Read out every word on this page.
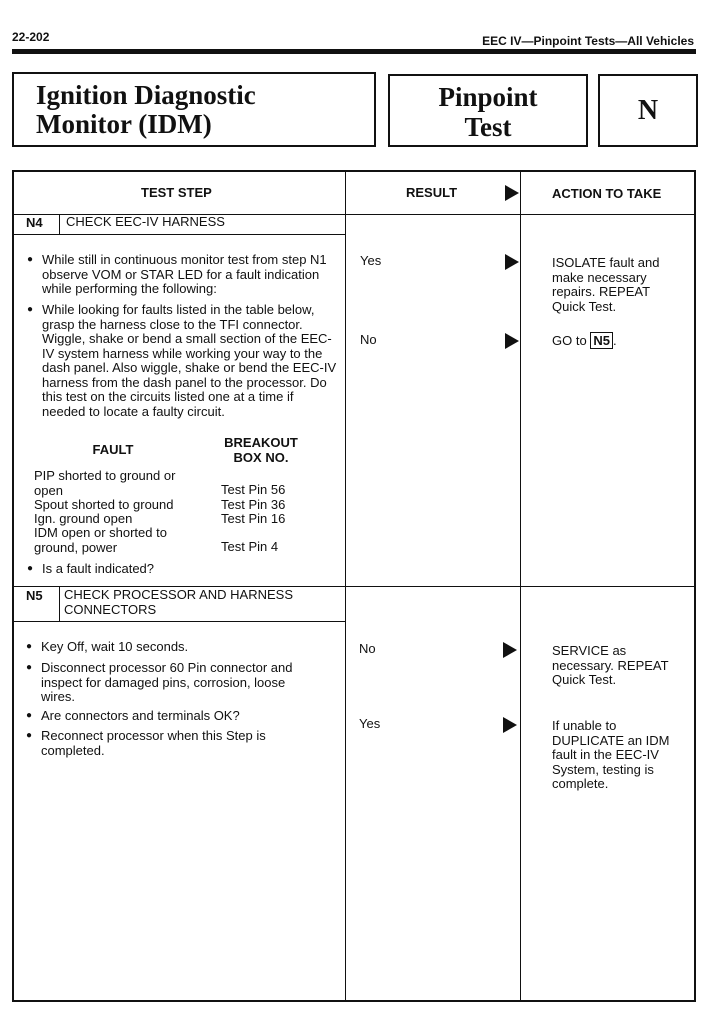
22-202	EEC IV—Pinpoint Tests—All Vehicles
Ignition Diagnostic
Monitor (IDM)
Pinpoint
Test
N
TEST STEP	RESULT	ACTION TO TAKE
N4 CHECK EEC-IV HARNESS
● While still in continuous monitor test from step N1 observe VOM or STAR LED for a fault indication while performing the following:
● While looking for faults listed in the table below, grasp the harness close to the TFI connector. Wiggle, shake or bend a small section of the EEC-IV system harness while working your way to the dash panel. Also wiggle, shake or bend the EEC-IV harness from the dash panel to the processor. Do this test on the circuits listed one at a time if needed to locate a faulty circuit.
FAULT	BREAKOUT
BOX NO.
PIP shorted to ground or
open	Test Pin 56
Spout shorted to ground	Test Pin 36
Ign. ground open	Test Pin 16
IDM open or shorted to
ground, power	Test Pin 4
● Is a fault indicated?
Yes	ISOLATE fault and
make necessary
repairs. REPEAT
Quick Test.
No	GO to N5 .
N5 CHECK PROCESSOR AND HARNESS
CONNECTORS
● Key Off, wait 10 seconds.
● Disconnect processor 60 Pin connector and inspect for damaged pins, corrosion, loose wires.
● Are connectors and terminals OK?
● Reconnect processor when this Step is completed.
No	SERVICE as
necessary. REPEAT
Quick Test.
Yes	If unable to
DUPLICATE an IDM
fault in the EEC-IV
System, testing is
complete.
